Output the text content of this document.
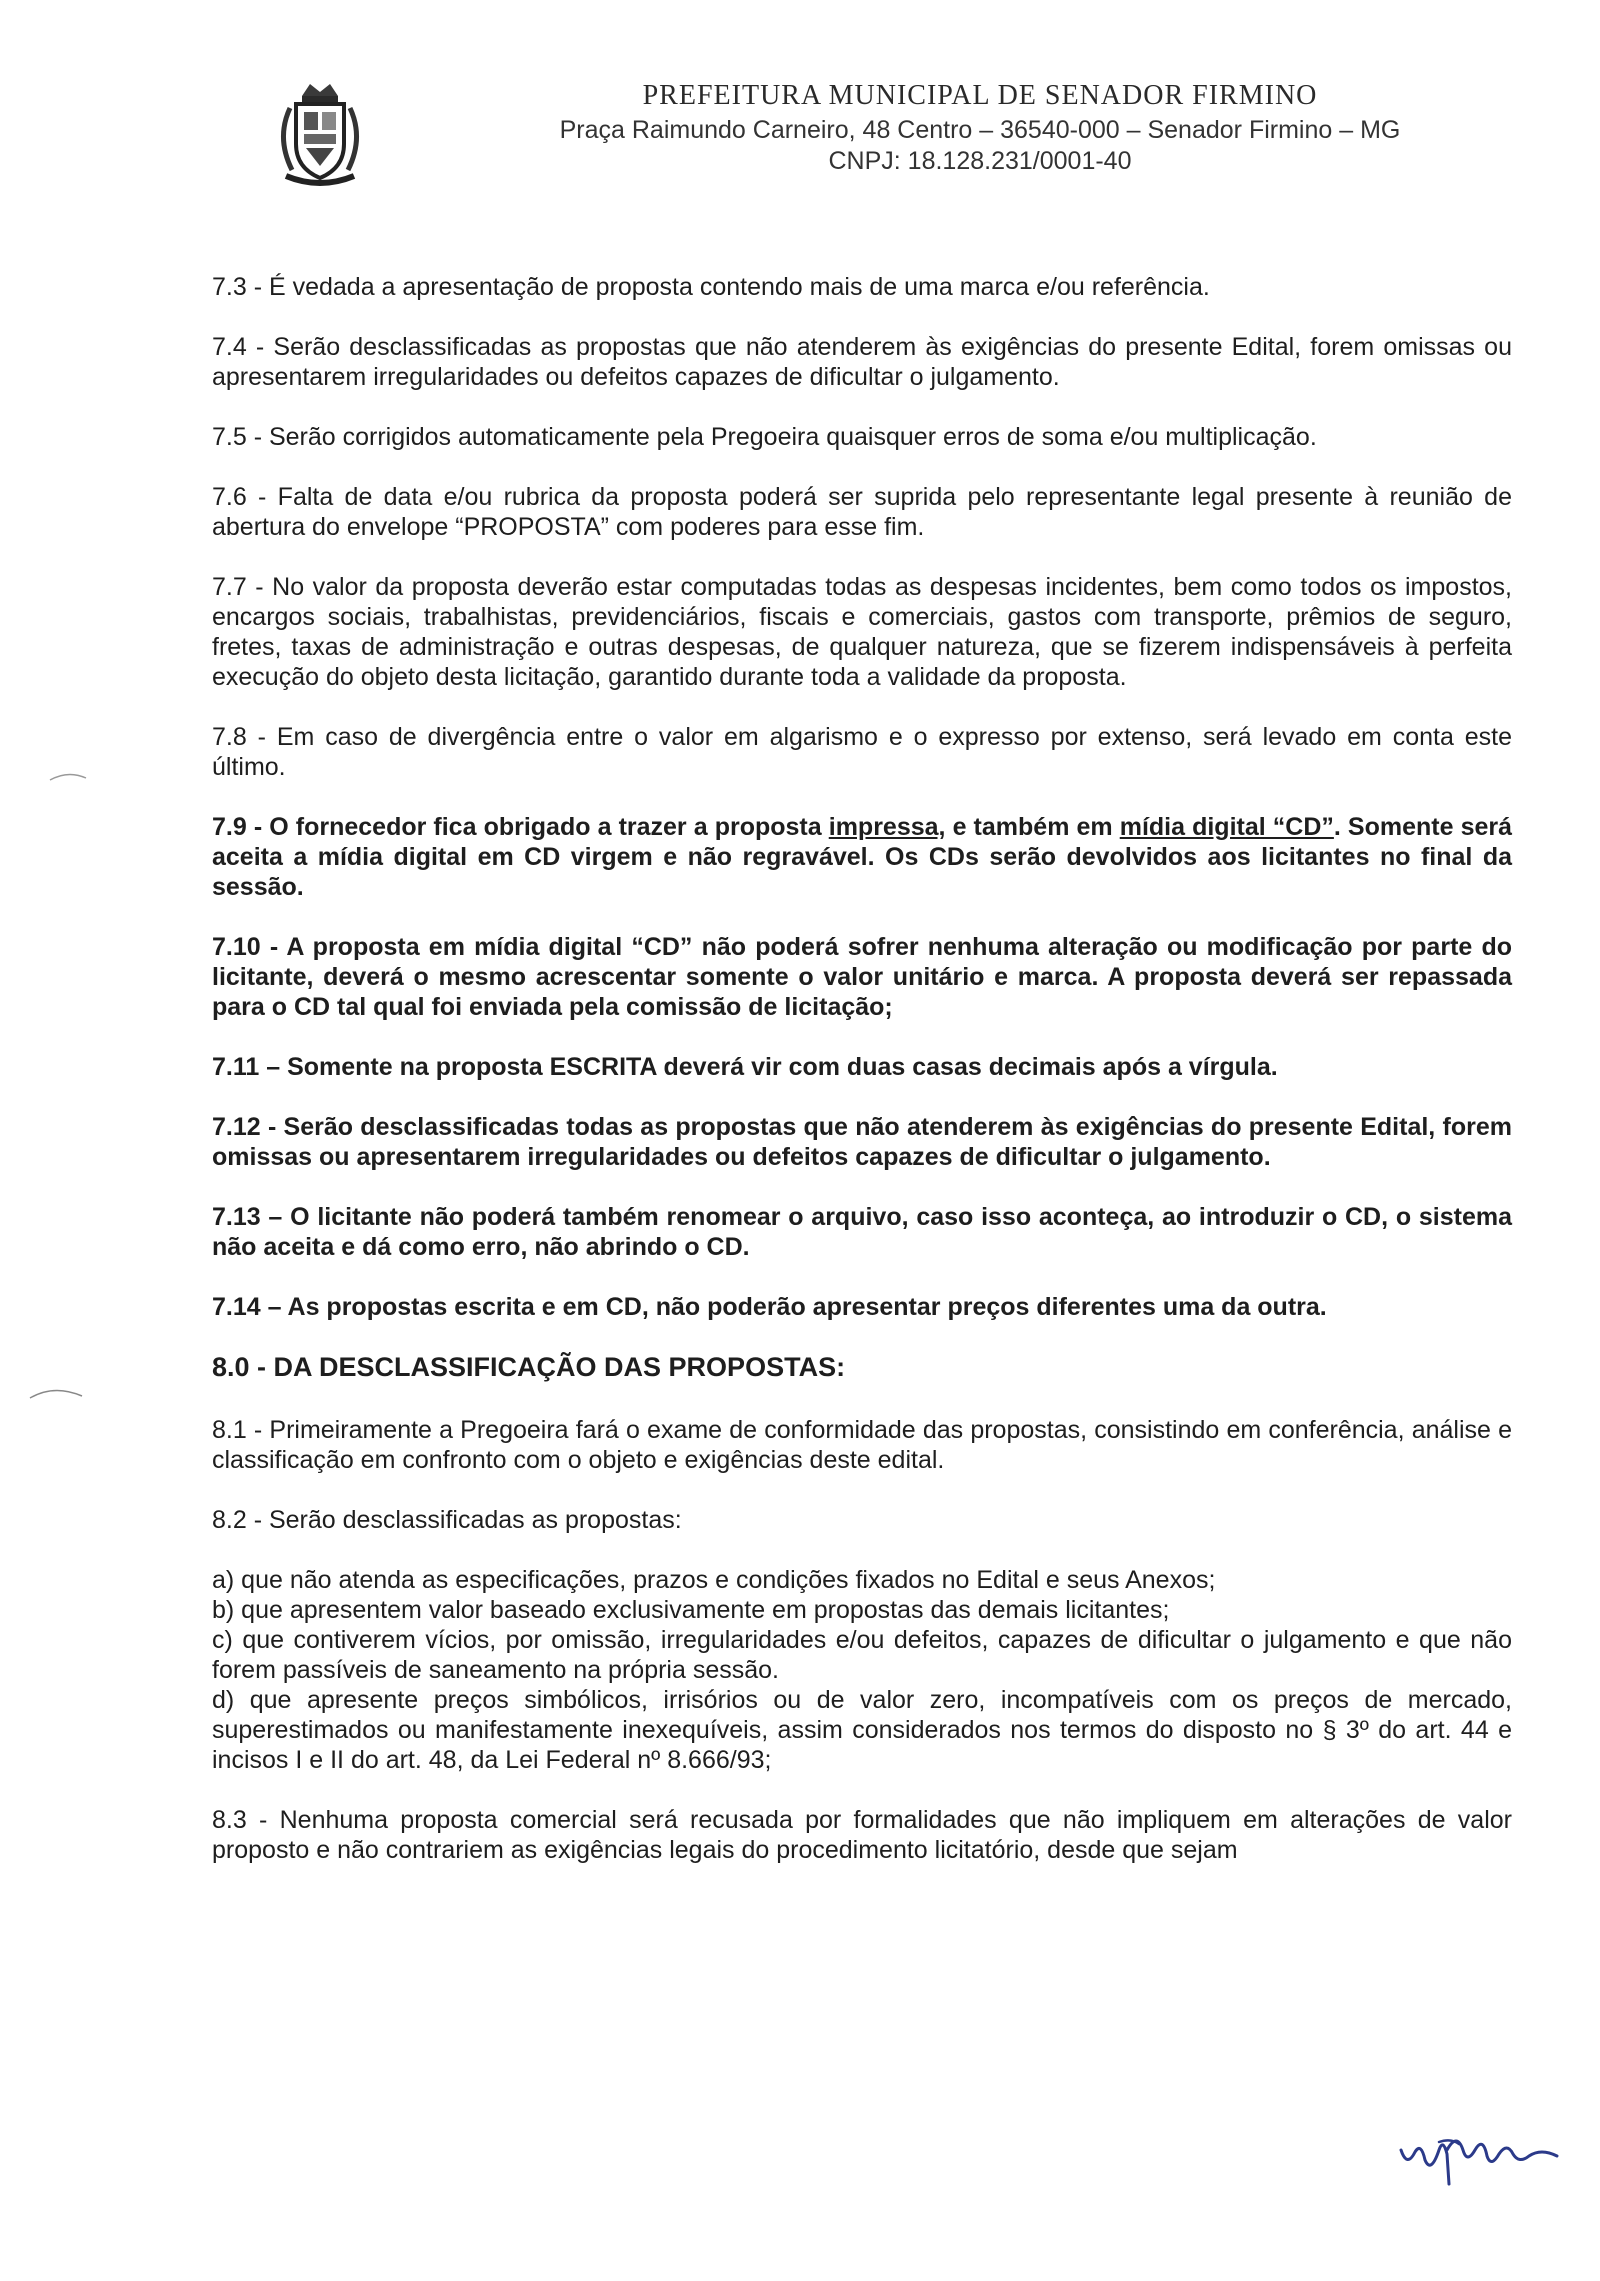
PREFEITURA MUNICIPAL DE SENADOR FIRMINO
Praça Raimundo Carneiro, 48 Centro – 36540-000 – Senador Firmino – MG
CNPJ: 18.128.231/0001-40

7.3 - É vedada a apresentação de proposta contendo mais de uma marca e/ou referência.

7.4 - Serão desclassificadas as propostas que não atenderem às exigências do presente Edital, forem omissas ou apresentarem irregularidades ou defeitos capazes de dificultar o julgamento.

7.5 - Serão corrigidos automaticamente pela Pregoeira quaisquer erros de soma e/ou multiplicação.

7.6 - Falta de data e/ou rubrica da proposta poderá ser suprida pelo representante legal presente à reunião de abertura do envelope “PROPOSTA” com poderes para esse fim.

7.7 - No valor da proposta deverão estar computadas todas as despesas incidentes, bem como todos os impostos, encargos sociais, trabalhistas, previdenciários, fiscais e comerciais, gastos com transporte, prêmios de seguro, fretes, taxas de administração e outras despesas, de qualquer natureza, que se fizerem indispensáveis à perfeita execução do objeto desta licitação, garantido durante toda a validade da proposta.

7.8 - Em caso de divergência entre o valor em algarismo e o expresso por extenso, será levado em conta este último.

7.9 - O fornecedor fica obrigado a trazer a proposta impressa, e também em mídia digital “CD”. Somente será aceita a mídia digital em CD virgem e não regravável. Os CDs serão devolvidos aos licitantes no final da sessão.

7.10 - A proposta em mídia digital “CD” não poderá sofrer nenhuma alteração ou modificação por parte do licitante, deverá o mesmo acrescentar somente o valor unitário e marca. A proposta deverá ser repassada para o CD tal qual foi enviada pela comissão de licitação;

7.11 – Somente na proposta ESCRITA deverá vir com duas casas decimais após a vírgula.

7.12 - Serão desclassificadas todas as propostas que não atenderem às exigências do presente Edital, forem omissas ou apresentarem irregularidades ou defeitos capazes de dificultar o julgamento.

7.13 – O licitante não poderá também renomear o arquivo, caso isso aconteça, ao introduzir o CD, o sistema não aceita e dá como erro, não abrindo o CD.

7.14 – As propostas escrita e em CD, não poderão apresentar preços diferentes uma da outra.

8.0 - DA DESCLASSIFICAÇÃO DAS PROPOSTAS:

8.1 - Primeiramente a Pregoeira fará o exame de conformidade das propostas, consistindo em conferência, análise e classificação em confronto com o objeto e exigências deste edital.

8.2 - Serão desclassificadas as propostas:

a) que não atenda as especificações, prazos e condições fixados no Edital e seus Anexos;

b) que apresentem valor baseado exclusivamente em propostas das demais licitantes;

c) que contiverem vícios, por omissão, irregularidades e/ou defeitos, capazes de dificultar o julgamento e que não forem passíveis de saneamento na própria sessão.

d) que apresente preços simbólicos, irrisórios ou de valor zero, incompatíveis com os preços de mercado, superestimados ou manifestamente inexequíveis, assim considerados nos termos do disposto no § 3º do art. 44 e incisos I e II do art. 48, da Lei Federal nº 8.666/93;

8.3 - Nenhuma proposta comercial será recusada por formalidades que não impliquem em alterações de valor proposto e não contrariem as exigências legais do procedimento licitatório, desde que sejam
